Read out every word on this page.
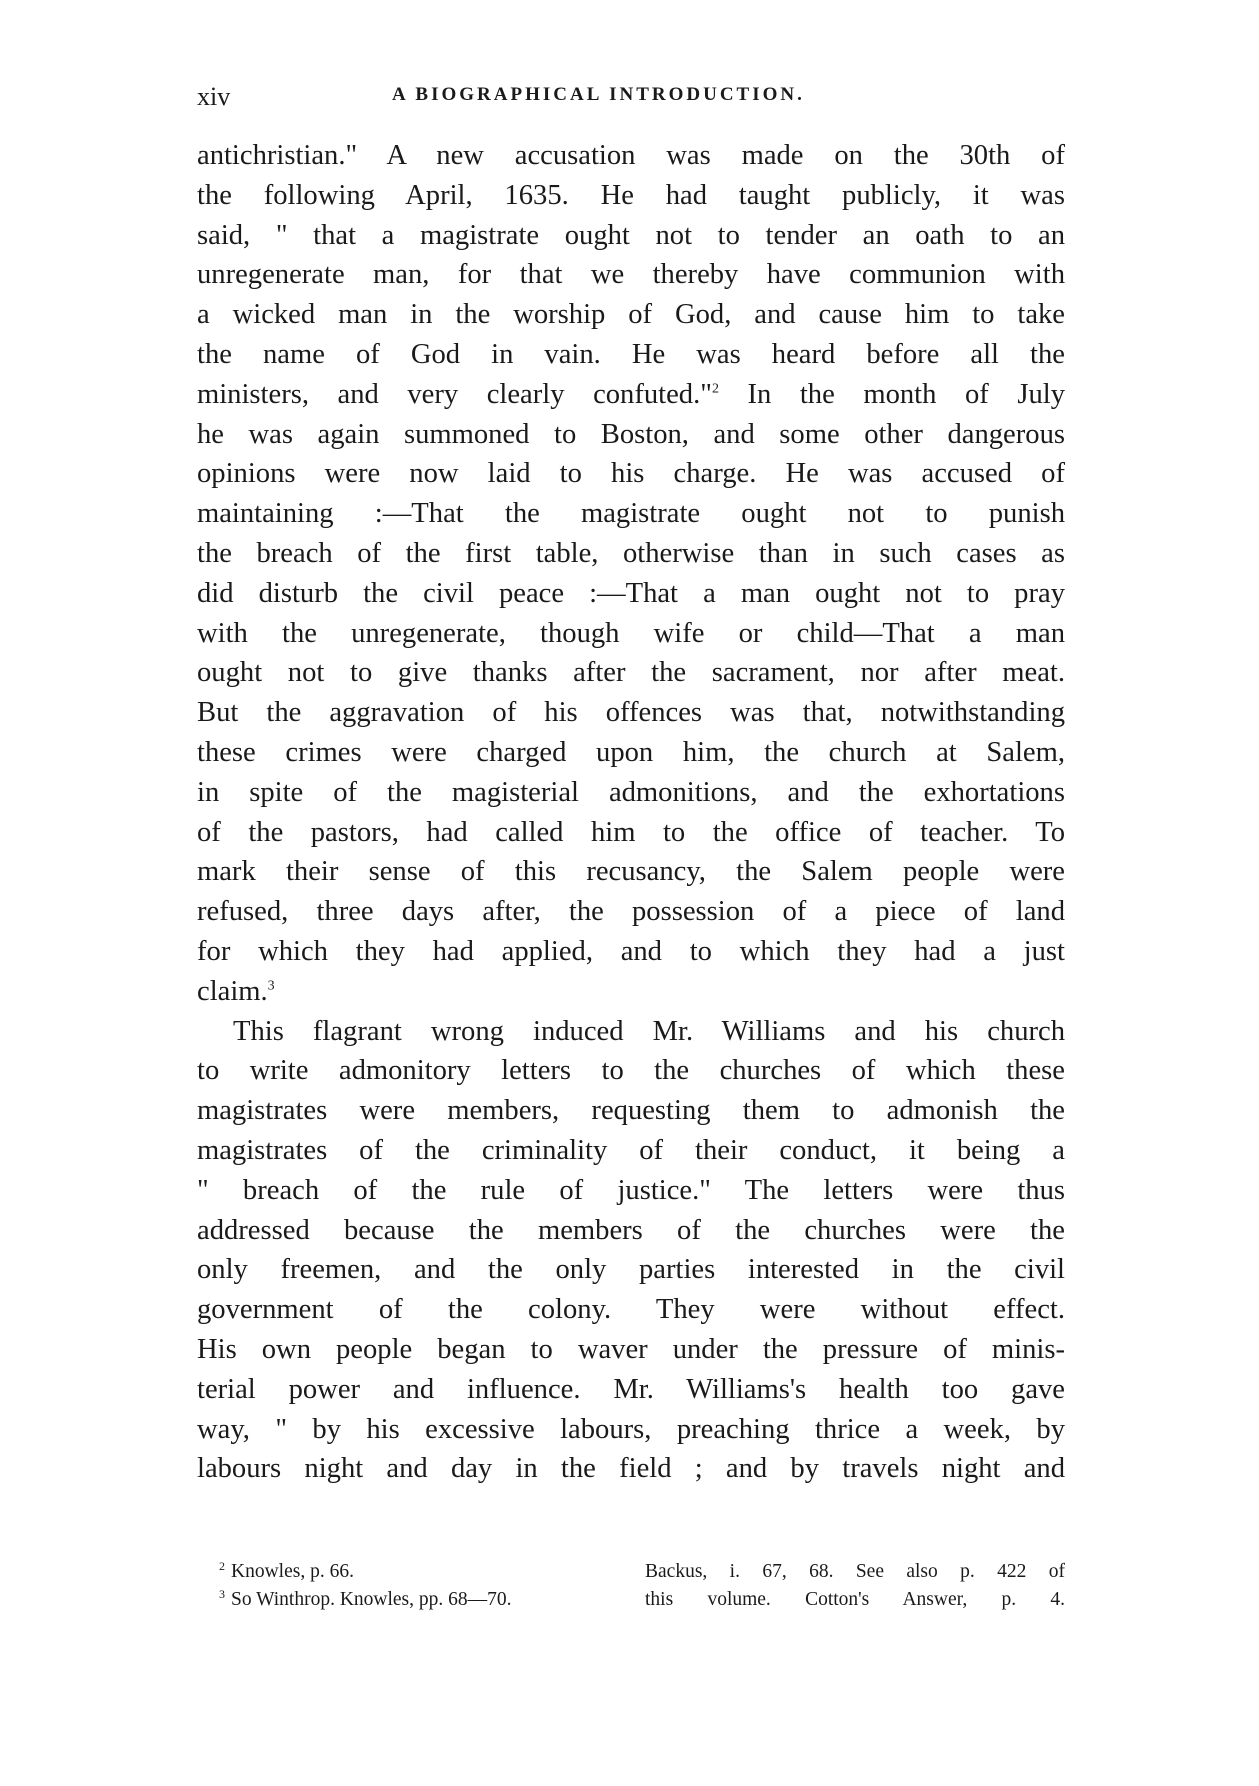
xiv	A BIOGRAPHICAL INTRODUCTION.
antichristian." A new accusation was made on the 30th of
the following April, 1635. He had taught publicly, it was
said, " that a magistrate ought not to tender an oath to an
unregenerate man, for that we thereby have communion with
a wicked man in the worship of God, and cause him to take
the name of God in vain. He was heard before all the
ministers, and very clearly confuted."$^2$ In the month of July
he was again summoned to Boston, and some other dangerous
opinions were now laid to his charge. He was accused of
maintaining :—That the magistrate ought not to punish
the breach of the first table, otherwise than in such cases as
did disturb the civil peace :—That a man ought not to pray
with the unregenerate, though wife or child—That a man
ought not to give thanks after the sacrament, nor after meat.
But the aggravation of his offences was that, notwithstanding
these crimes were charged upon him, the church at Salem,
in spite of the magisterial admonitions, and the exhortations
of the pastors, had called him to the office of teacher. To
mark their sense of this recusancy, the Salem people were
refused, three days after, the possession of a piece of land
for which they had applied, and to which they had a just
claim.$^3$
This flagrant wrong induced Mr. Williams and his church
to write admonitory letters to the churches of which these
magistrates were members, requesting them to admonish the
magistrates of the criminality of their conduct, it being a
" breach of the rule of justice." The letters were thus
addressed because the members of the churches were the
only freemen, and the only parties interested in the civil
government of the colony. They were without effect.
His own people began to waver under the pressure of minis-
terial power and influence. Mr. Williams's health too gave
way, " by his excessive labours, preaching thrice a week, by
labours night and day in the field ; and by travels night and
$^2$ Knowles, p. 66.	Backus, i. 67, 68. See also p. 422 of
$^3$ So Winthrop. Knowles, pp. 68—70.	this volume. Cotton's Answer, p. 4.
